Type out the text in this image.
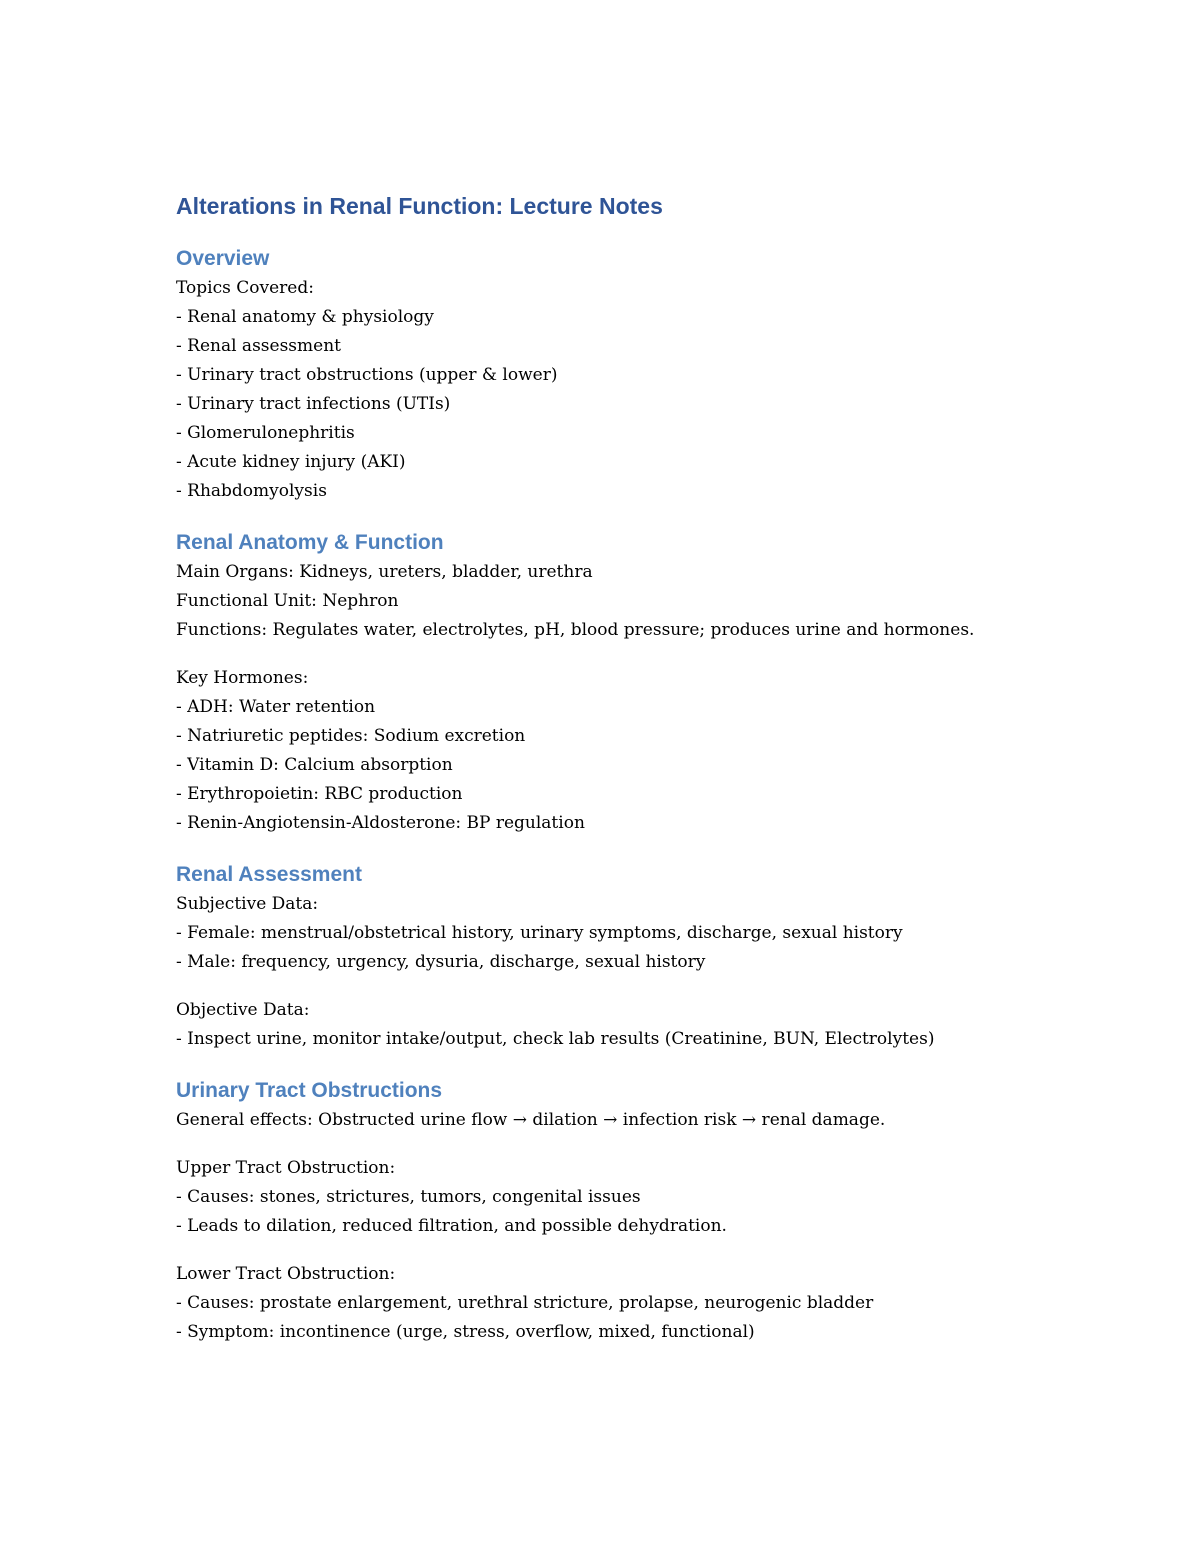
Alterations in Renal Function: Lecture Notes
Overview
Topics Covered:
- Renal anatomy & physiology
- Renal assessment
- Urinary tract obstructions (upper & lower)
- Urinary tract infections (UTIs)
- Glomerulonephritis
- Acute kidney injury (AKI)
- Rhabdomyolysis
Renal Anatomy & Function
Main Organs: Kidneys, ureters, bladder, urethra
Functional Unit: Nephron
Functions: Regulates water, electrolytes, pH, blood pressure; produces urine and hormones.
Key Hormones:
- ADH: Water retention
- Natriuretic peptides: Sodium excretion
- Vitamin D: Calcium absorption
- Erythropoietin: RBC production
- Renin-Angiotensin-Aldosterone: BP regulation
Renal Assessment
Subjective Data:
- Female: menstrual/obstetrical history, urinary symptoms, discharge, sexual history
- Male: frequency, urgency, dysuria, discharge, sexual history
Objective Data:
- Inspect urine, monitor intake/output, check lab results (Creatinine, BUN, Electrolytes)
Urinary Tract Obstructions
General effects: Obstructed urine flow → dilation → infection risk → renal damage.
Upper Tract Obstruction:
- Causes: stones, strictures, tumors, congenital issues
- Leads to dilation, reduced filtration, and possible dehydration.
Lower Tract Obstruction:
- Causes: prostate enlargement, urethral stricture, prolapse, neurogenic bladder
- Symptom: incontinence (urge, stress, overflow, mixed, functional)
